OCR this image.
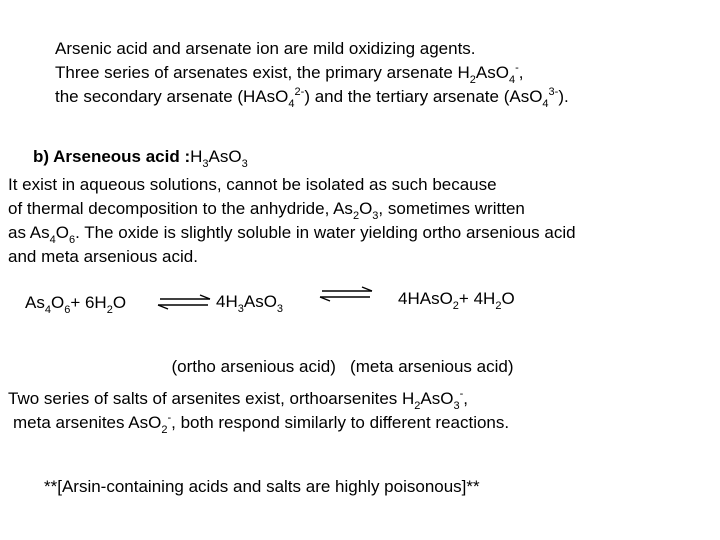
Arsenic acid and arsenate ion are mild oxidizing agents.
Three series of arsenates exist, the primary arsenate $H_2AsO_4^-$,
the secondary arsenate (HAsO$_4^{2-}$) and the tertiary arsenate (AsO$_4^{3-}$).
b) Arseneous acid $:H_3AsO_3$
It exist in aqueous solutions, cannot be isolated as such because
of thermal decomposition to the anhydride, $As_2O_3$, sometimes written
as $As_4O_6$. The oxide is slightly soluble in water yielding ortho arsenious acid
and meta arsenious acid.
$As_4O_6+ 6H_2O$ ⇌ $4H_3AsO_3$
⇌ 4HAsO$_2$+ $4H_2O$

(ortho arsenious acid)   (meta arsenious acid)

Two series of salts of arsenites exist, orthoarsenites $H_2AsO_3^-$,
meta arsenites AsO$_2$-, both respond similarly to different reactions.
**[Arsin-containing acids and salts are highly poisonous]**
